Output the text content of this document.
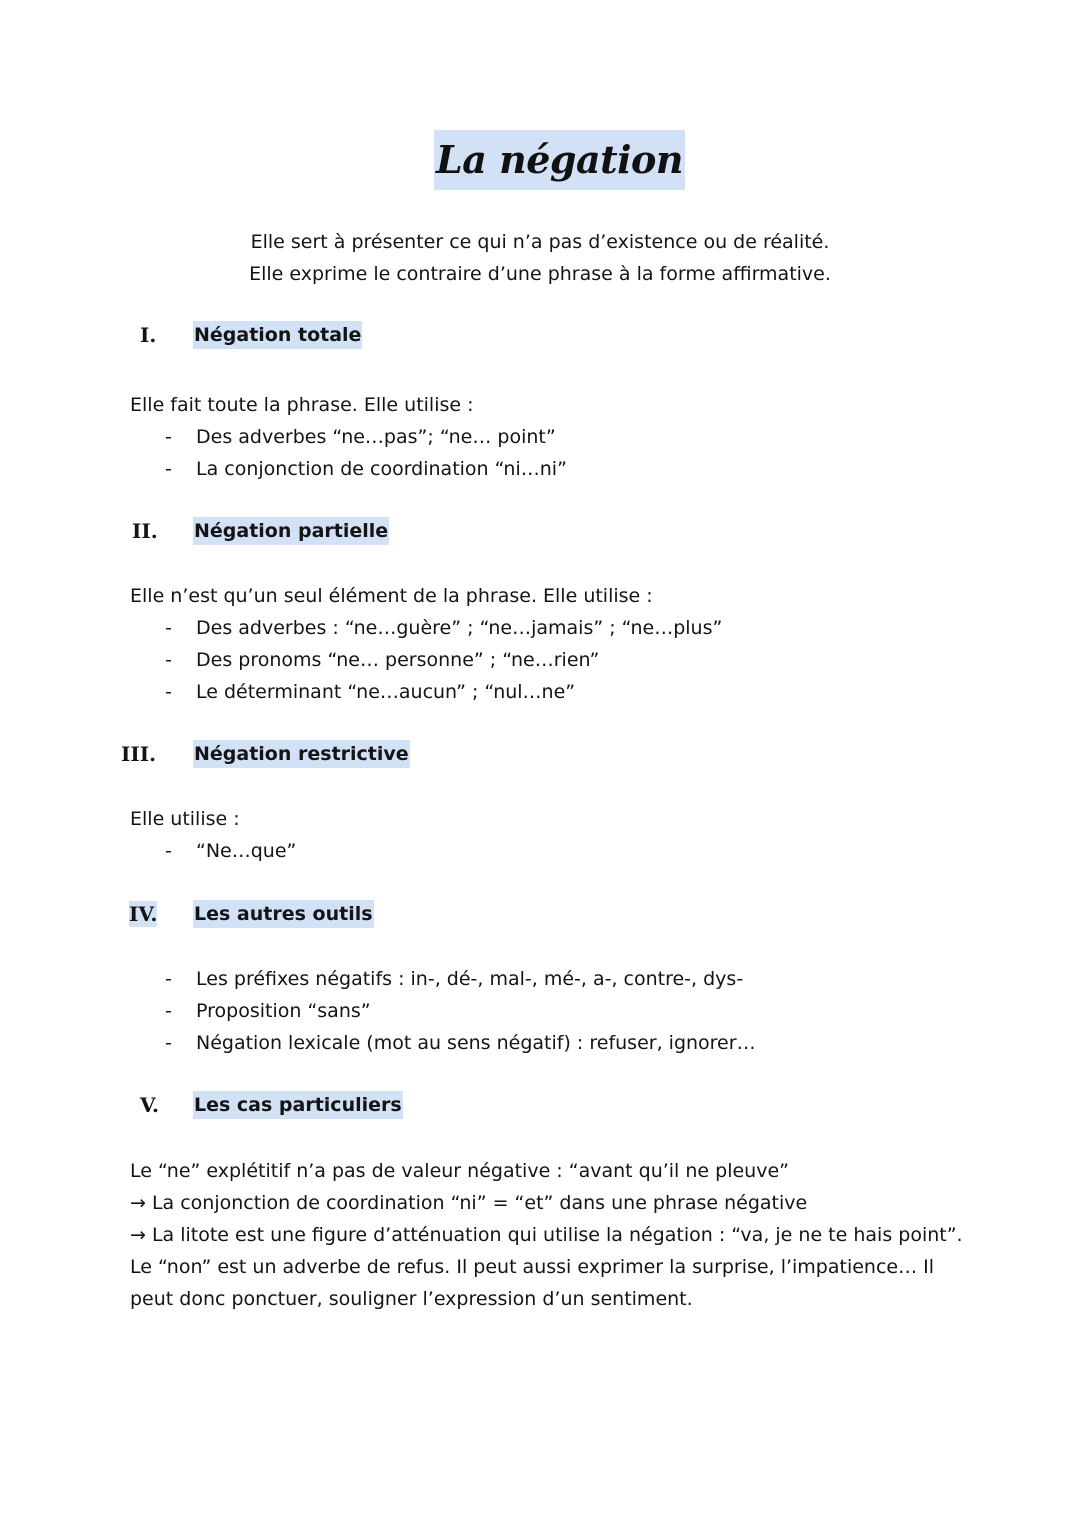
La négation
Elle sert à présenter ce qui n’a pas d’existence ou de réalité.
Elle exprime le contraire d’une phrase à la forme affirmative.
I. Négation totale
Elle fait toute la phrase. Elle utilise :
- Des adverbes “ne…pas”; “ne… point”
- La conjonction de coordination “ni…ni”
II. Négation partielle
Elle n’est qu’un seul élément de la phrase. Elle utilise :
- Des adverbes : “ne…guère” ; “ne…jamais” ; “ne…plus”
- Des pronoms “ne… personne” ; “ne…rien”
- Le déterminant “ne…aucun” ; “nul…ne”
III. Négation restrictive
Elle utilise :
- “Ne…que”
IV. Les autres outils
- Les préfixes négatifs : in-, dé-, mal-, mé-, a-, contre-, dys-
- Proposition “sans”
- Négation lexicale (mot au sens négatif) : refuser, ignorer…
V. Les cas particuliers
Le “ne” explétitif n’a pas de valeur négative : “avant qu’il ne pleuve”
→ La conjonction de coordination “ni” = “et” dans une phrase négative
→ La litote est une figure d’atténuation qui utilise la négation : “va, je ne te hais point”.
Le “non” est un adverbe de refus. Il peut aussi exprimer la surprise, l’impatience… Il
peut donc ponctuer, souligner l’expression d’un sentiment.
